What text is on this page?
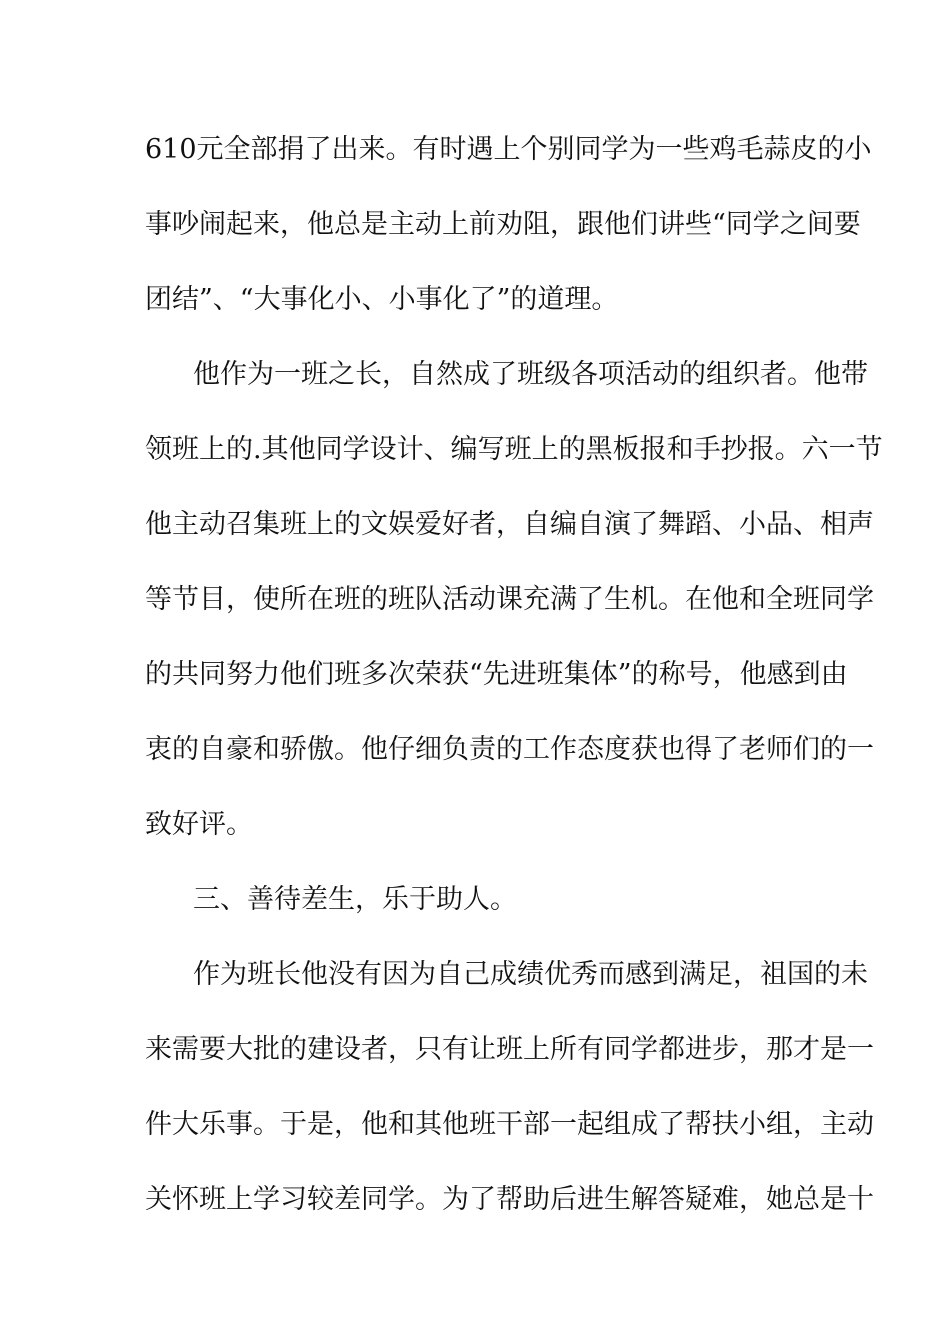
610元全部捐了出来。有时遇上个别同学为一些鸡毛蒜皮的小
事吵闹起来，他总是主动上前劝阻，跟他们讲些“同学之间要
团结”、“大事化小、小事化了”的道理。
他作为一班之长，自然成了班级各项活动的组织者。他带
领班上的.其他同学设计、编写班上的黑板报和手抄报。六一节
他主动召集班上的文娱爱好者，自编自演了舞蹈、小品、相声
等节目，使所在班的班队活动课充满了生机。在他和全班同学
的共同努力他们班多次荣获“先进班集体”的称号，他感到由
衷的自豪和骄傲。他仔细负责的工作态度获也得了老师们的一
致好评。
三、善待差生，乐于助人。
作为班长他没有因为自己成绩优秀而感到满足，祖国的未
来需要大批的建设者，只有让班上所有同学都进步，那才是一
件大乐事。于是，他和其他班干部一起组成了帮扶小组，主动
关怀班上学习较差同学。为了帮助后进生解答疑难，她总是十
